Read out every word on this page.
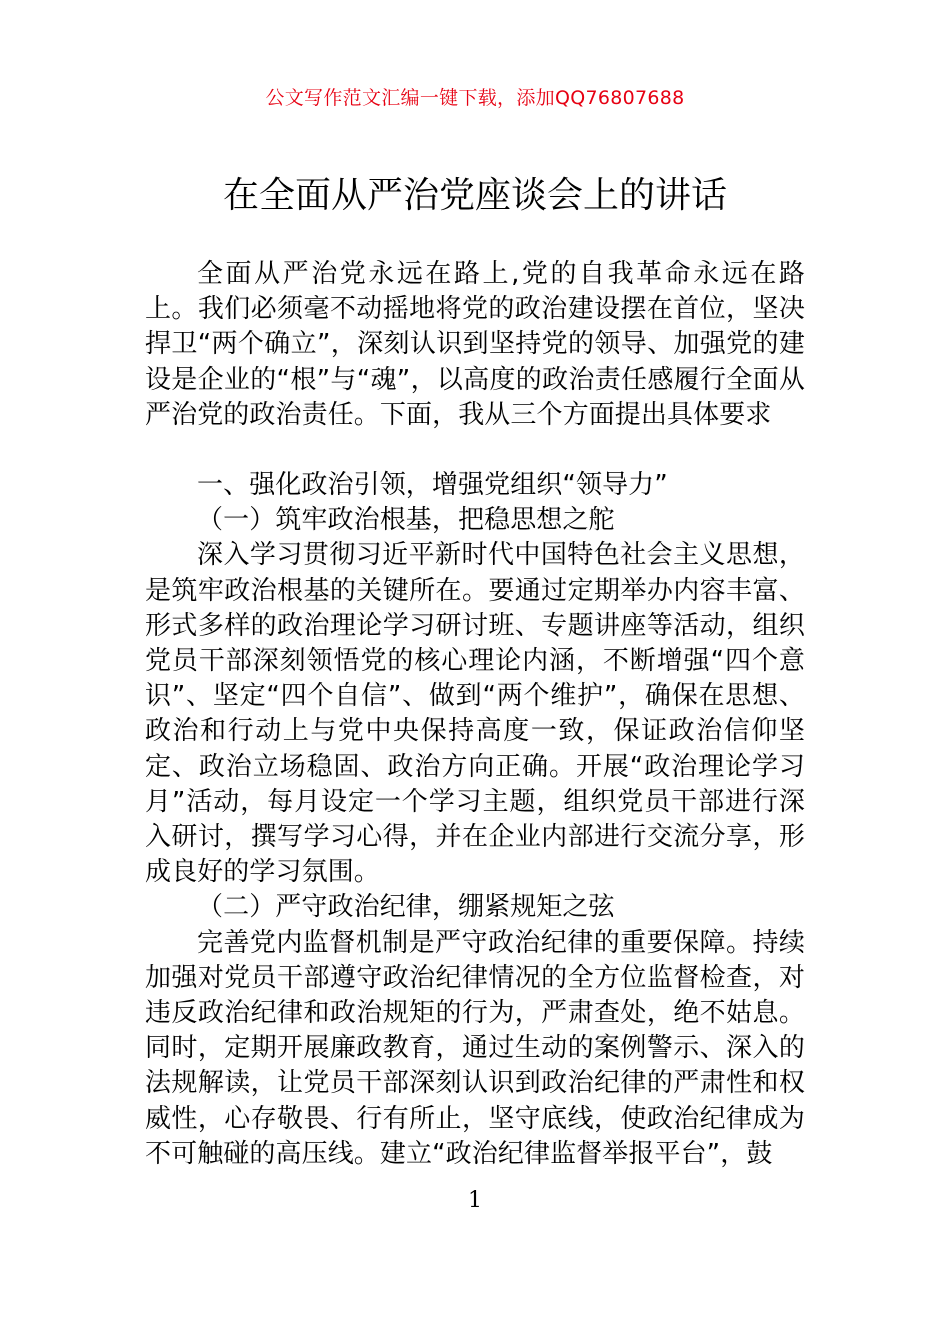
公文写作范文汇编一键下载，添加QQ76807688
在全面从严治党座谈会上的讲话

全面从严治党永远在路上,党的自我革命永远在路上。我们必须毫不动摇地将党的政治建设摆在首位，坚决捍卫“两个确立”，深刻认识到坚持党的领导、加强党的建设是企业的“根”与“魂”，以高度的政治责任感履行全面从严治党的政治责任。下面，我从三个方面提出具体要求

一、强化政治引领，增强党组织“领导力”

（一）筑牢政治根基，把稳思想之舵

深入学习贯彻习近平新时代中国特色社会主义思想，是筑牢政治根基的关键所在。要通过定期举办内容丰富、形式多样的政治理论学习研讨班、专题讲座等活动，组织党员干部深刻领悟党的核心理论内涵，不断增强“四个意识”、坚定“四个自信”、做到“两个维护”，确保在思想、政治和行动上与党中央保持高度一致，保证政治信仰坚定、政治立场稳固、政治方向正确。开展“政治理论学习月”活动，每月设定一个学习主题，组织党员干部进行深入研讨，撰写学习心得，并在企业内部进行交流分享，形成良好的学习氛围。

（二）严守政治纪律，绷紧规矩之弦

完善党内监督机制是严守政治纪律的重要保障。持续加强对党员干部遵守政治纪律情况的全方位监督检查，对违反政治纪律和政治规矩的行为，严肃查处，绝不姑息。同时，定期开展廉政教育，通过生动的案例警示、深入的法规解读，让党员干部深刻认识到政治纪律的严肃性和权威性，心存敬畏、行有所止，坚守底线，使政治纪律成为不可触碰的高压线。建立“政治纪律监督举报平台”，鼓

1
